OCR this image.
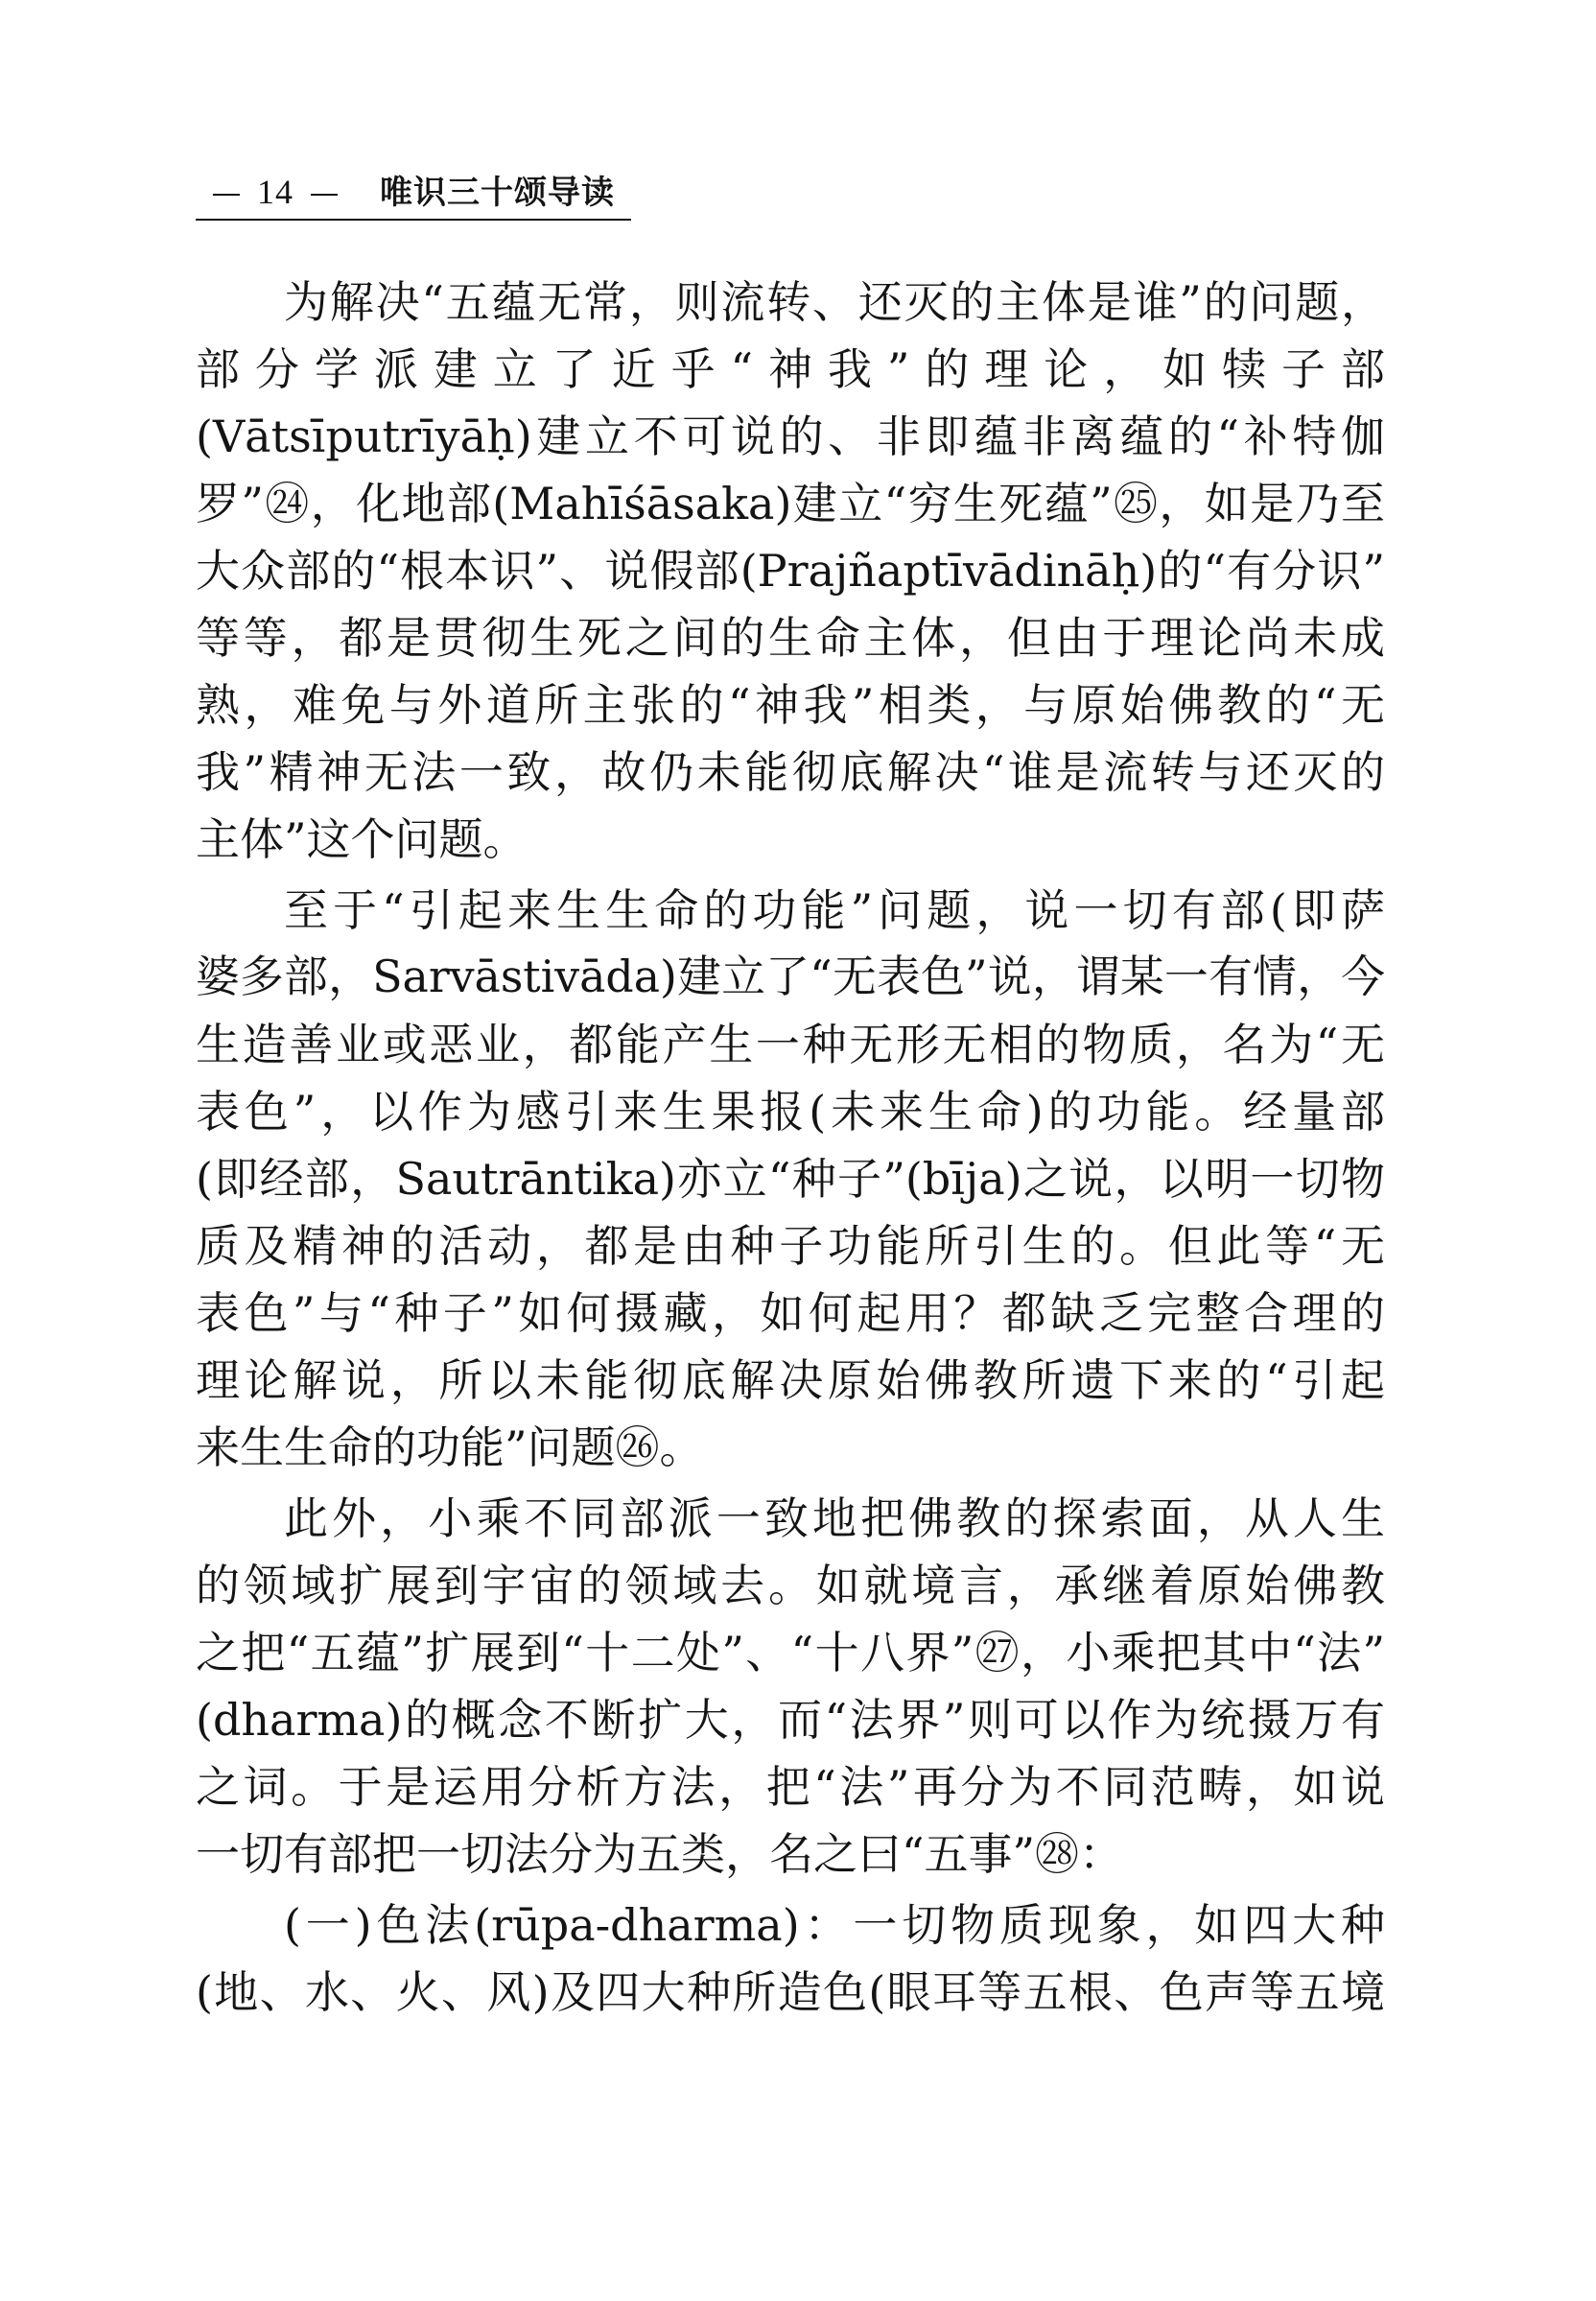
14	唯识三十颂导读
为解决“五蕴无常，则流转、还灭的主体是谁”的问题，
部分学派建立了近乎“神我”的理论，如犊子部
(Vātsīputrīyāḥ)建立不可说的、非即蕴非离蕴的“补特伽
罗”㉔，化地部(Mahīśāsaka)建立“穷生死蕴”㉕，如是乃至
大众部的“根本识”、说假部(Prajñaptīvādināḥ)的“有分识”
等等，都是贯彻生死之间的生命主体，但由于理论尚未成
熟，难免与外道所主张的“神我”相类，与原始佛教的“无
我”精神无法一致，故仍未能彻底解决“谁是流转与还灭的
主体”这个问题。
至于“引起来生生命的功能”问题，说一切有部(即萨
婆多部，Sarvāstivāda)建立了“无表色”说，谓某一有情，今
生造善业或恶业，都能产生一种无形无相的物质，名为“无
表色”，以作为感引来生果报(未来生命)的功能。经量部
(即经部，Sautrāntika)亦立“种子”(bīja)之说，以明一切物
质及精神的活动，都是由种子功能所引生的。但此等“无
表色”与“种子”如何摄藏，如何起用？都缺乏完整合理的
理论解说，所以未能彻底解决原始佛教所遗下来的“引起
来生生命的功能”问题㉖。
此外，小乘不同部派一致地把佛教的探索面，从人生
的领域扩展到宇宙的领域去。如就境言，承继着原始佛教
之把“五蕴”扩展到“十二处”、“十八界”㉗，小乘把其中“法”
(dharma)的概念不断扩大，而“法界”则可以作为统摄万有
之词。于是运用分析方法，把“法”再分为不同范畴，如说
一切有部把一切法分为五类，名之曰“五事”㉘：
(一)色法(rūpa-dharma)：一切物质现象，如四大种
(地、水、火、风)及四大种所造色(眼耳等五根、色声等五境
